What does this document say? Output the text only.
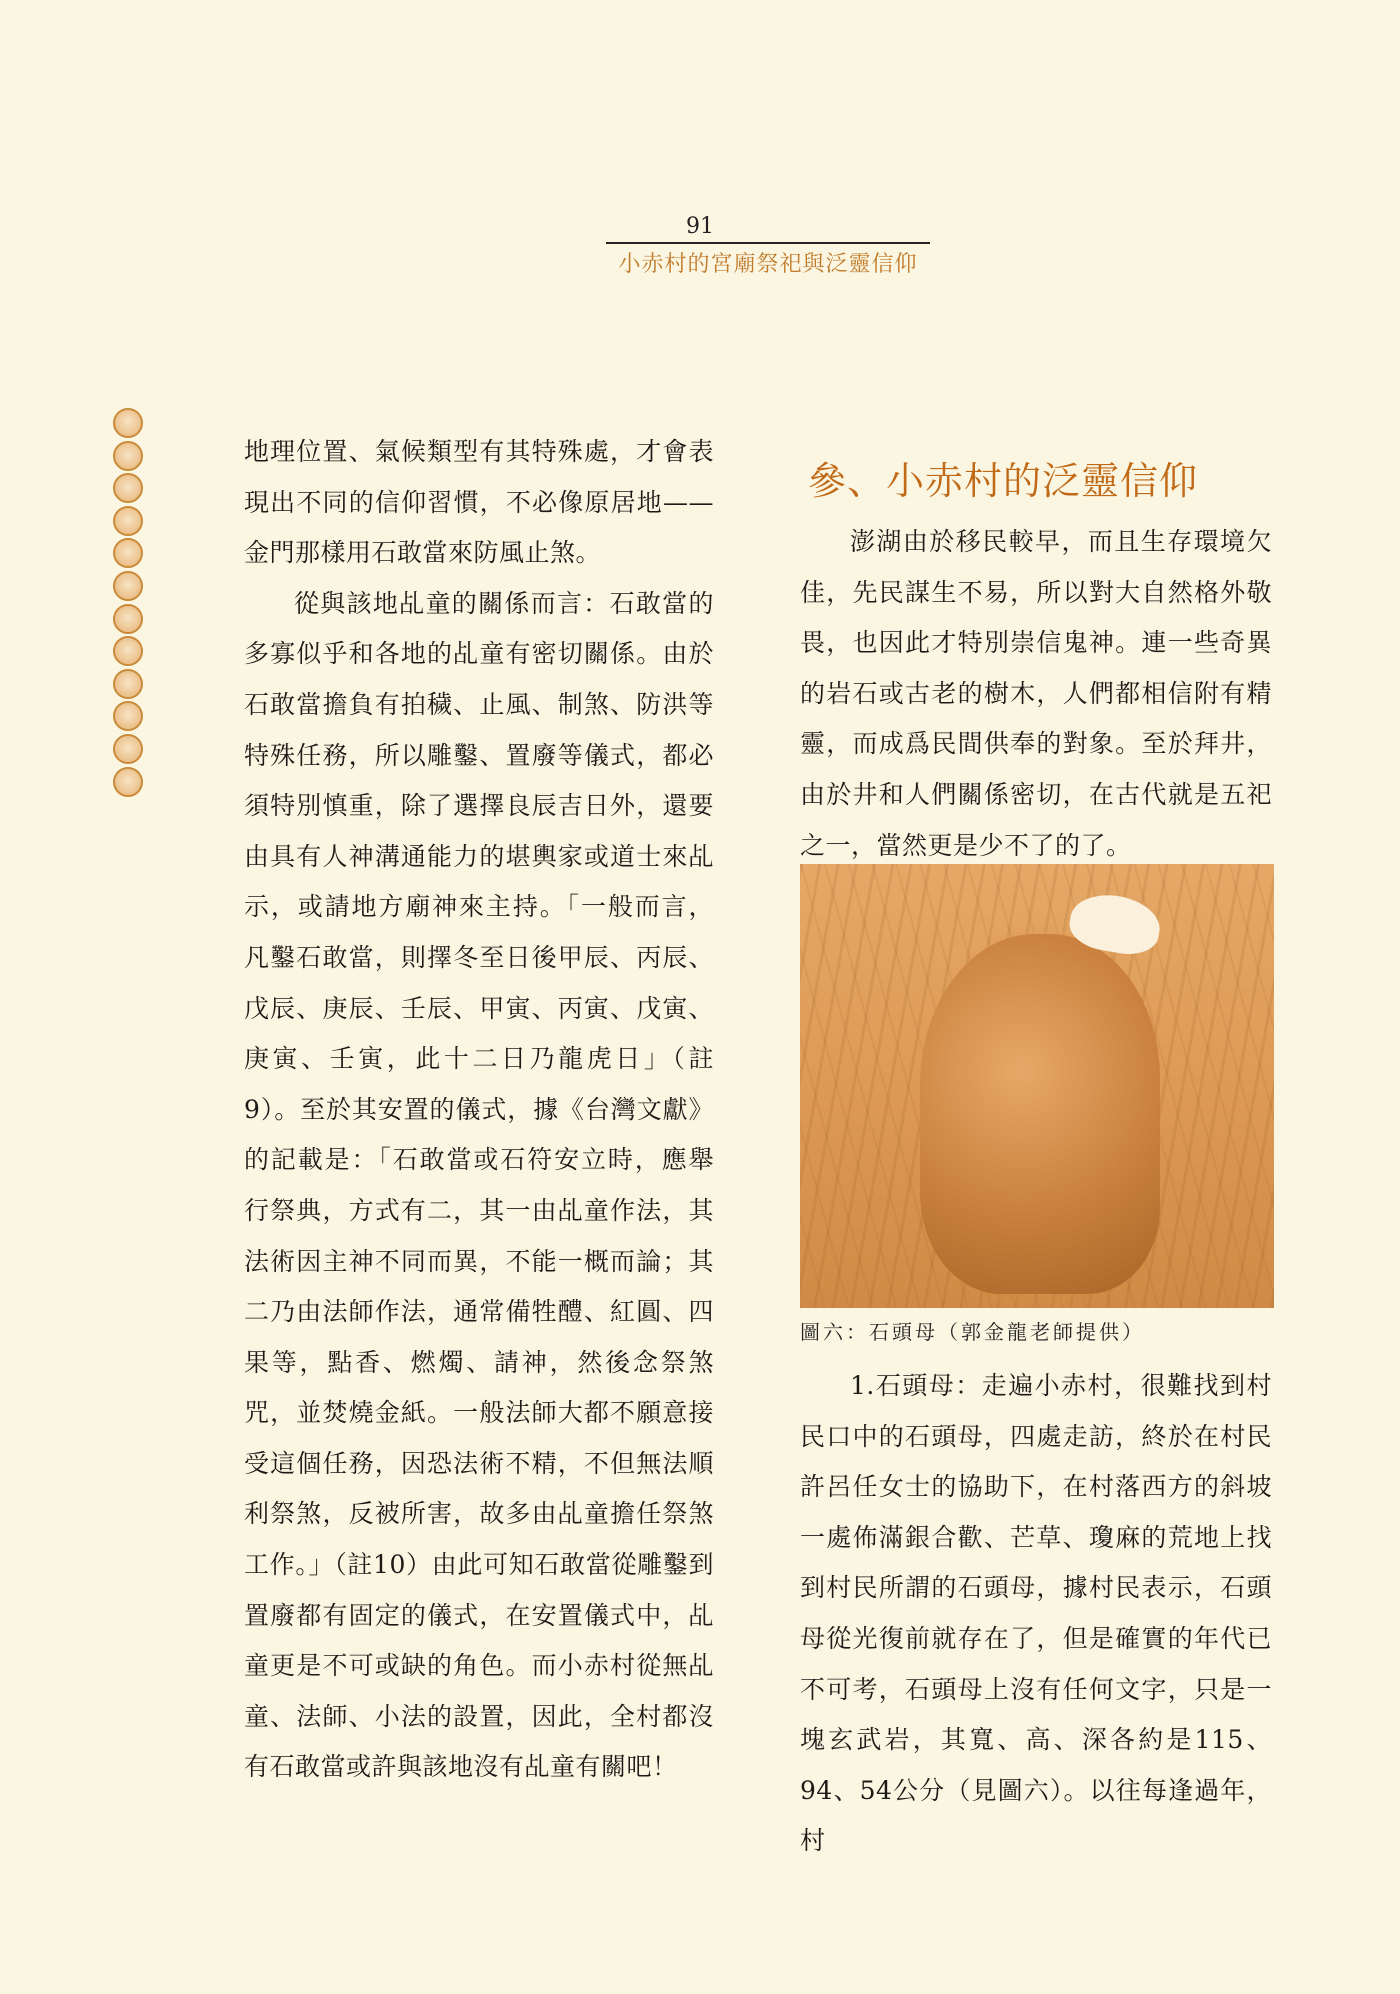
91
小赤村的宮廟祭祀與泛靈信仰

地理位置、氣候類型有其特殊處，才會表現出不同的信仰習慣，不必像原居地——金門那樣用石敢當來防風止煞。

從與該地乩童的關係而言：石敢當的多寡似乎和各地的乩童有密切關係。由於石敢當擔負有拍穢、止風、制煞、防洪等特殊任務，所以雕鑿、置廢等儀式，都必須特別慎重，除了選擇良辰吉日外，還要由具有人神溝通能力的堪輿家或道士來乩示，或請地方廟神來主持。「一般而言，凡鑿石敢當，則擇冬至日後甲辰、丙辰、戊辰、庚辰、壬辰、甲寅、丙寅、戊寅、庚寅、壬寅，此十二日乃龍虎日」（註 9）。至於其安置的儀式，據《台灣文獻》的記載是：「石敢當或石符安立時，應舉行祭典，方式有二，其一由乩童作法，其法術因主神不同而異，不能一概而論；其二乃由法師作法，通常備牲醴、紅圓、四果等，點香、燃燭、請神，然後念祭煞咒，並焚燒金紙。一般法師大都不願意接受這個任務，因恐法術不精，不但無法順利祭煞，反被所害，故多由乩童擔任祭煞工作。」（註10）由此可知石敢當從雕鑿到置廢都有固定的儀式，在安置儀式中，乩童更是不可或缺的角色。而小赤村從無乩童、法師、小法的設置，因此，全村都沒有石敢當或許與該地沒有乩童有關吧！

參、小赤村的泛靈信仰

澎湖由於移民較早，而且生存環境欠佳，先民謀生不易，所以對大自然格外敬畏，也因此才特別崇信鬼神。連一些奇異的岩石或古老的樹木，人們都相信附有精靈，而成爲民間供奉的對象。至於拜井，由於井和人們關係密切，在古代就是五祀之一，當然更是少不了的了。

圖六：石頭母（郭金龍老師提供）

1.石頭母：走遍小赤村，很難找到村民口中的石頭母，四處走訪，終於在村民許呂任女士的協助下，在村落西方的斜坡一處佈滿銀合歡、芒草、瓊麻的荒地上找到村民所謂的石頭母，據村民表示，石頭母從光復前就存在了，但是確實的年代已不可考，石頭母上沒有任何文字，只是一塊玄武岩，其寬、高、深各約是115、94、54公分（見圖六）。以往每逢過年，村
